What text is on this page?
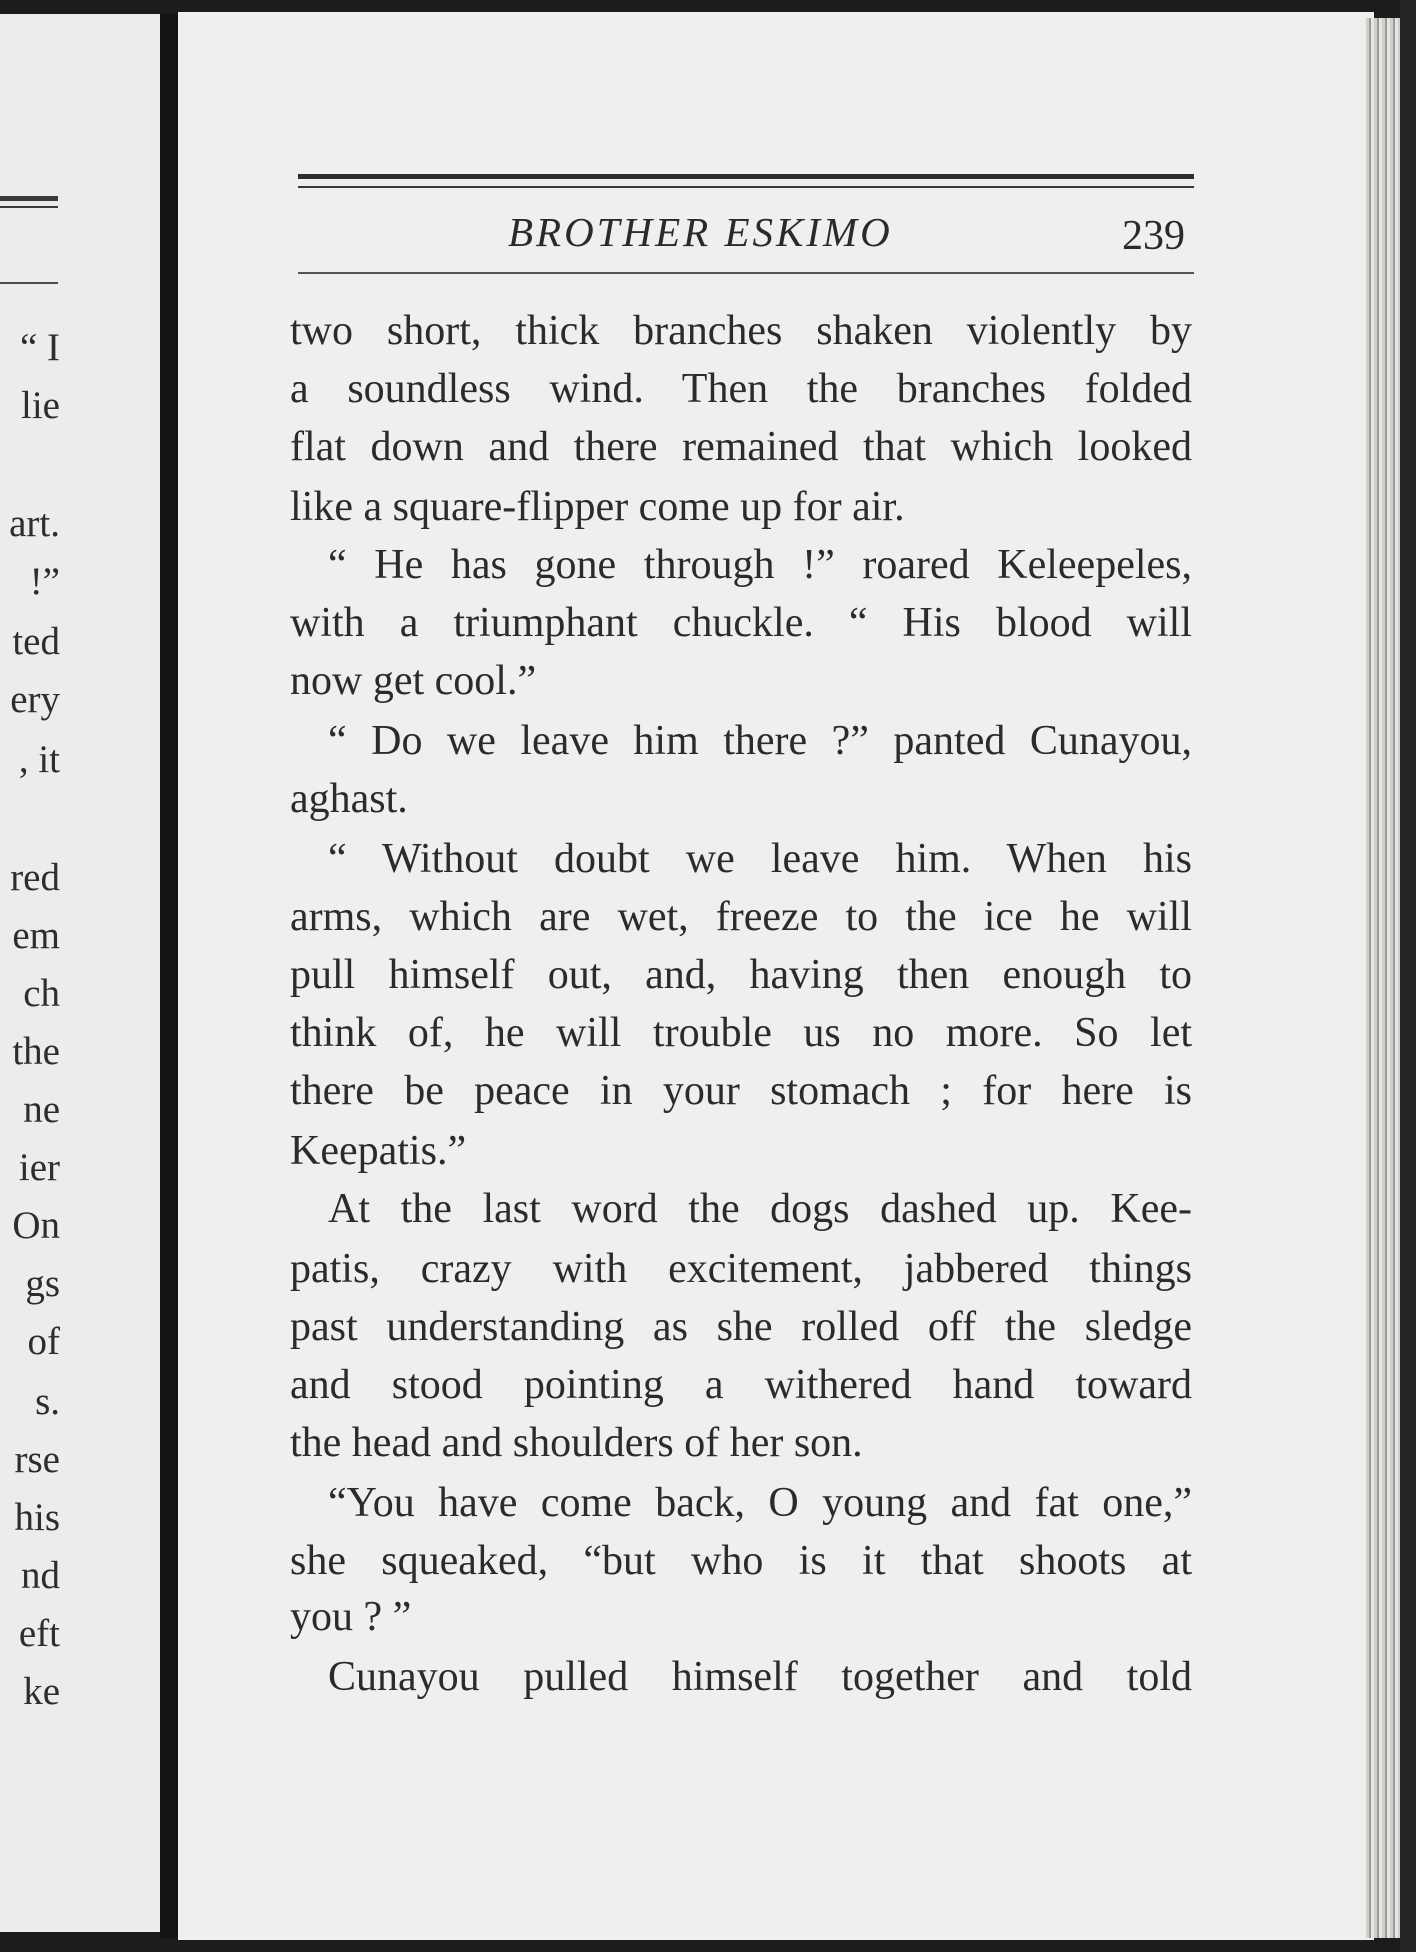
“ I
lie
art.
!”
ted
ery
, it
red
em
ch
the
ne
ier
On
gs
of
s.
rse
his
nd
eft
ke
BROTHER ESKIMO	239
two short, thick branches shaken violently by
a soundless wind. Then the branches folded
flat down and there remained that which looked
like a square-flipper come up for air.
“ He has gone through !” roared Keleepeles,
with a triumphant chuckle. “ His blood will
now get cool.”
“ Do we leave him there ?” panted Cunayou,
aghast.
“ Without doubt we leave him. When his
arms, which are wet, freeze to the ice he will
pull himself out, and, having then enough to
think of, he will trouble us no more. So let
there be peace in your stomach ; for here is
Keepatis.”
At the last word the dogs dashed up. Kee-
patis, crazy with excitement, jabbered things
past understanding as she rolled off the sledge
and stood pointing a withered hand toward
the head and shoulders of her son.
“You have come back, O young and fat one,”
she squeaked, “but who is it that shoots at
you ? ”
Cunayou pulled himself together and told
